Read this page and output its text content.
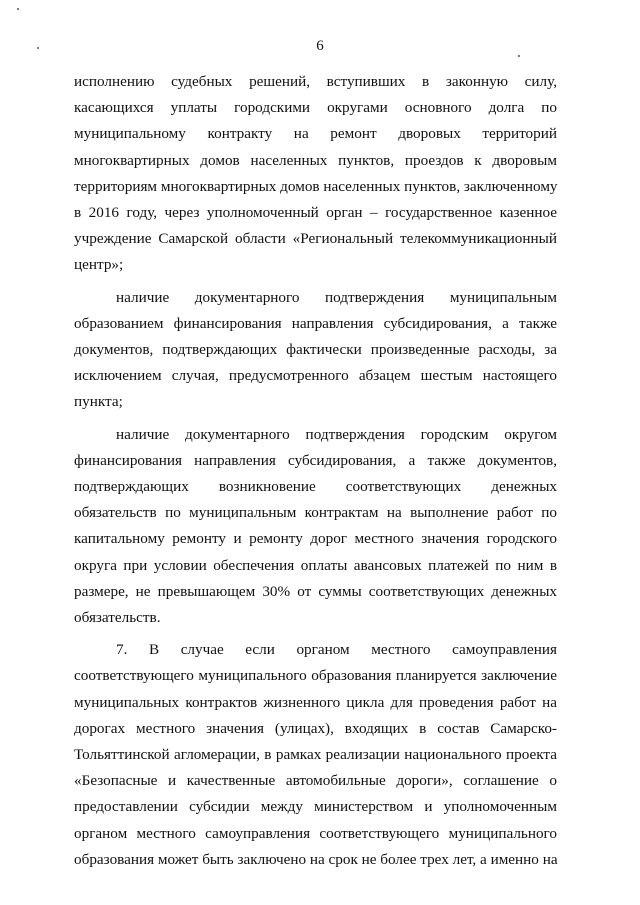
6
исполнению судебных решений, вступивших в законную силу,
касающихся уплаты городскими округами основного долга по
муниципальному контракту на ремонт дворовых территорий
многоквартирных домов населенных пунктов, проездов к дворовым
территориям многоквартирных домов населенных пунктов, заключенному
в 2016 году, через уполномоченный орган – государственное казенное
учреждение Самарской области «Региональный телекоммуникационный
центр»;
наличие документарного подтверждения муниципальным
образованием финансирования направления субсидирования, а также
документов, подтверждающих фактически произведенные расходы, за
исключением случая, предусмотренного абзацем шестым настоящего
пункта;
наличие документарного подтверждения городским округом
финансирования направления субсидирования, а также документов,
подтверждающих возникновение соответствующих денежных
обязательств по муниципальным контрактам на выполнение работ по
капитальному ремонту и ремонту дорог местного значения городского
округа при условии обеспечения оплаты авансовых платежей по ним в
размере, не превышающем 30% от суммы соответствующих денежных
обязательств.
7. В случае если органом местного самоуправления
соответствующего муниципального образования планируется заключение
муниципальных контрактов жизненного цикла для проведения работ на
дорогах местного значения (улицах), входящих в состав Самарско-
Тольяттинской агломерации, в рамках реализации национального проекта
«Безопасные и качественные автомобильные дороги», соглашение о
предоставлении субсидии между министерством и уполномоченным
органом местного самоуправления соответствующего муниципального
образования может быть заключено на срок не более трех лет, а именно на
